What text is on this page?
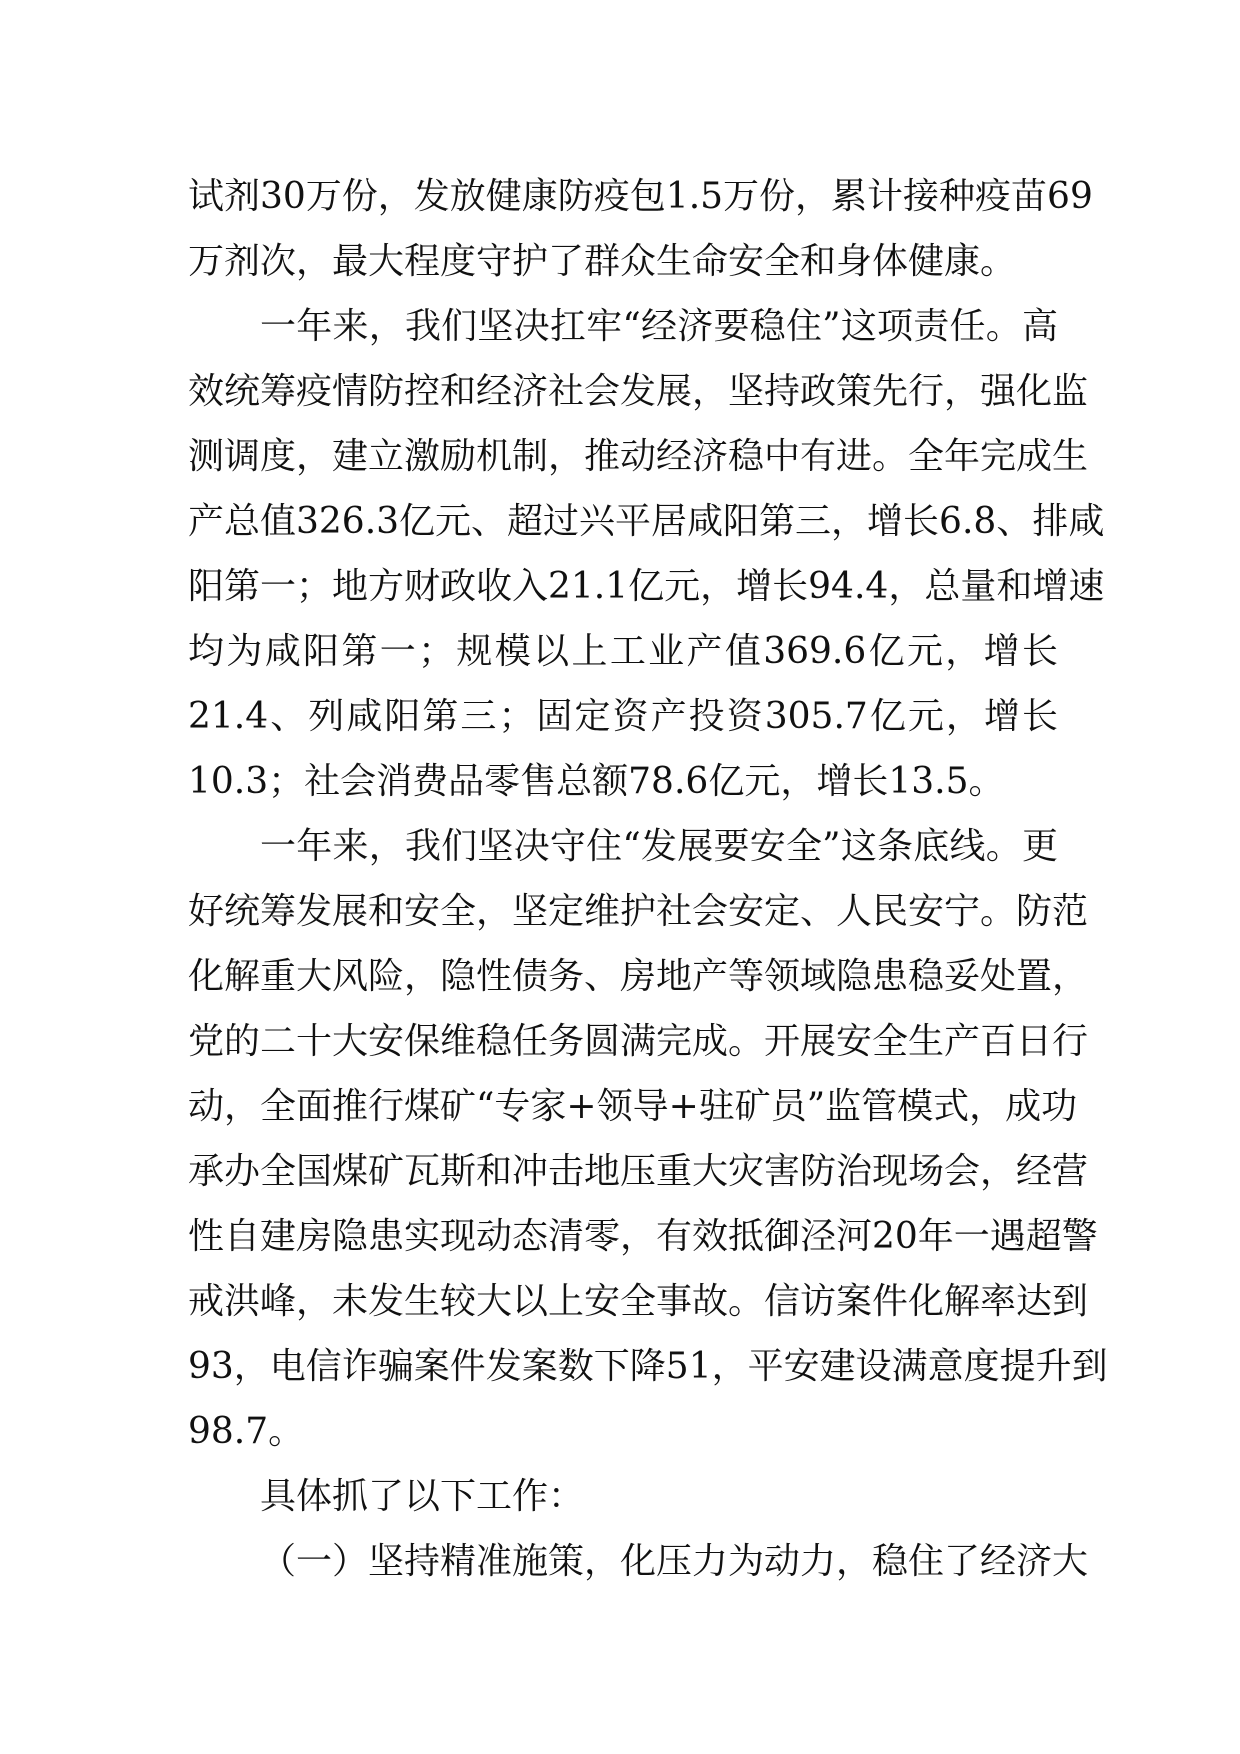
试剂30万份，发放健康防疫包1.5万份，累计接种疫苗69
万剂次，最大程度守护了群众生命安全和身体健康。
一年来，我们坚决扛牢“经济要稳住”这项责任。高
效统筹疫情防控和经济社会发展，坚持政策先行，强化监
测调度，建立激励机制，推动经济稳中有进。全年完成生
产总值326.3亿元、超过兴平居咸阳第三，增长6.8、排咸
阳第一；地方财政收入21.1亿元，增长94.4，总量和增速
均为咸阳第一；规模以上工业产值369.6亿元，增长
21.4、列咸阳第三；固定资产投资305.7亿元，增长
10.3；社会消费品零售总额78.6亿元，增长13.5。
一年来，我们坚决守住“发展要安全”这条底线。更
好统筹发展和安全，坚定维护社会安定、人民安宁。防范
化解重大风险，隐性债务、房地产等领域隐患稳妥处置，
党的二十大安保维稳任务圆满完成。开展安全生产百日行
动，全面推行煤矿“专家+领导+驻矿员”监管模式，成功
承办全国煤矿瓦斯和冲击地压重大灾害防治现场会，经营
性自建房隐患实现动态清零，有效抵御泾河20年一遇超警
戒洪峰，未发生较大以上安全事故。信访案件化解率达到
93，电信诈骗案件发案数下降51，平安建设满意度提升到
98.7。
具体抓了以下工作：
（一）坚持精准施策，化压力为动力，稳住了经济大
